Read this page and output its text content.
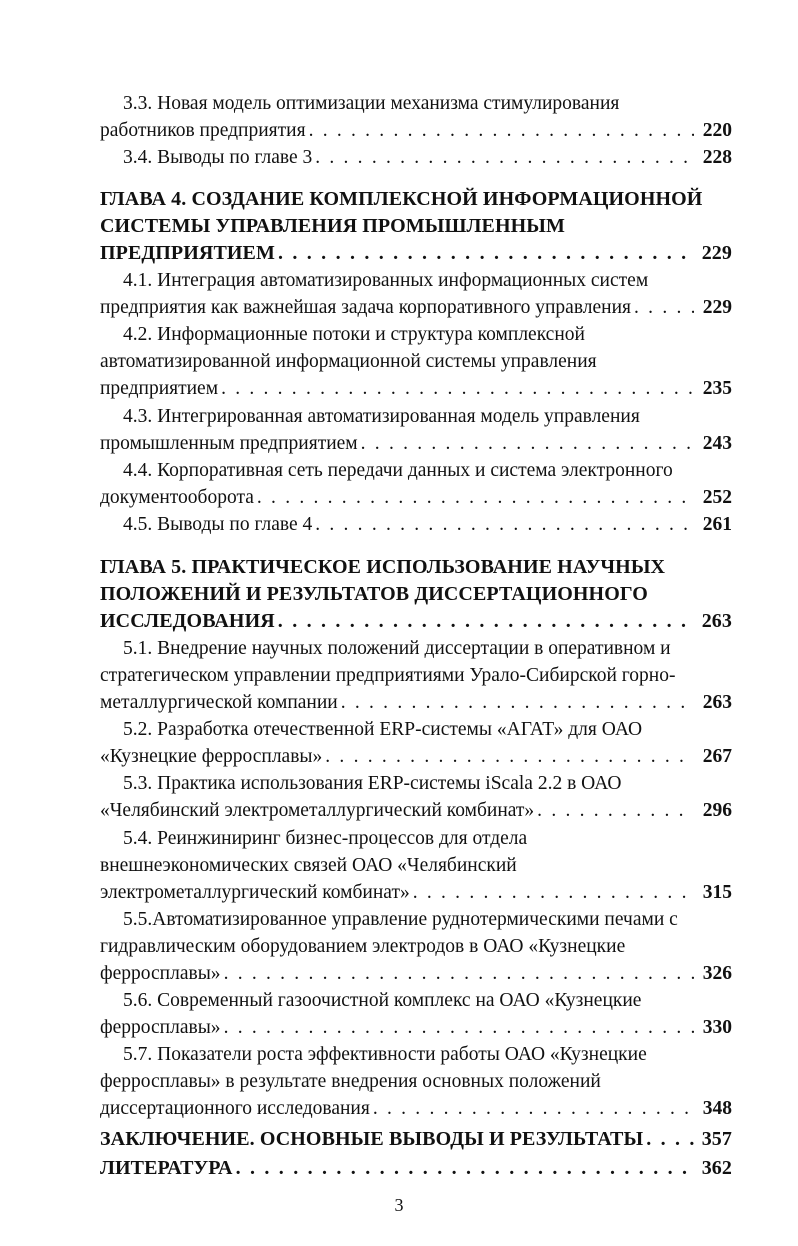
3.3. Новая модель оптимизации механизма стимулирования
работников предприятия . . .	220
3.4. Выводы по главе 3 . . .	228
ГЛАВА 4. СОЗДАНИЕ КОМПЛЕКСНОЙ ИНФОРМАЦИОННОЙ
СИСТЕМЫ УПРАВЛЕНИЯ ПРОМЫШЛЕННЫМ
ПРЕДПРИЯТИЕМ . . .	229
4.1. Интеграция автоматизированных информационных систем
предприятия как важнейшая задача корпоративного управления . . .	229
4.2. Информационные потоки и структура комплексной
автоматизированной информационной системы управления
предприятием . . .	235
4.3. Интегрированная автоматизированная модель управления
промышленным предприятием . . .	243
4.4. Корпоративная сеть передачи данных и система электронного
документооборота . . .	252
4.5. Выводы по главе 4 . . .	261
ГЛАВА 5. ПРАКТИЧЕСКОЕ ИСПОЛЬЗОВАНИЕ НАУЧНЫХ
ПОЛОЖЕНИЙ И РЕЗУЛЬТАТОВ ДИССЕРТАЦИОННОГО
ИССЛЕДОВАНИЯ . . .	263
5.1. Внедрение научных положений диссертации в оперативном и
стратегическом управлении предприятиями Урало-Сибирской горно-
металлургической компании . . .	263
5.2. Разработка отечественной ERP-системы «АГАТ» для ОАО
«Кузнецкие ферросплавы» . . .	267
5.3. Практика использования ERP-системы iScala 2.2 в ОАО
«Челябинский электрометаллургический комбинат» . . .	296
5.4. Реинжиниринг бизнес-процессов для отдела
внешнеэкономических связей ОАО «Челябинский
электрометаллургический комбинат» . . .	315
5.5.Автоматизированное управление руднотермическими печами с
гидравлическим оборудованием электродов в ОАО «Кузнецкие
ферросплавы» . . .	326
5.6. Современный газоочистной комплекс на ОАО «Кузнецкие
ферросплавы» . . .	330
5.7. Показатели роста эффективности работы ОАО «Кузнецкие
ферросплавы» в результате внедрения основных положений
диссертационного исследования . . .	348
ЗАКЛЮЧЕНИЕ. ОСНОВНЫЕ ВЫВОДЫ И РЕЗУЛЬТАТЫ . . .	357
ЛИТЕРАТУРА . . .	362
3
